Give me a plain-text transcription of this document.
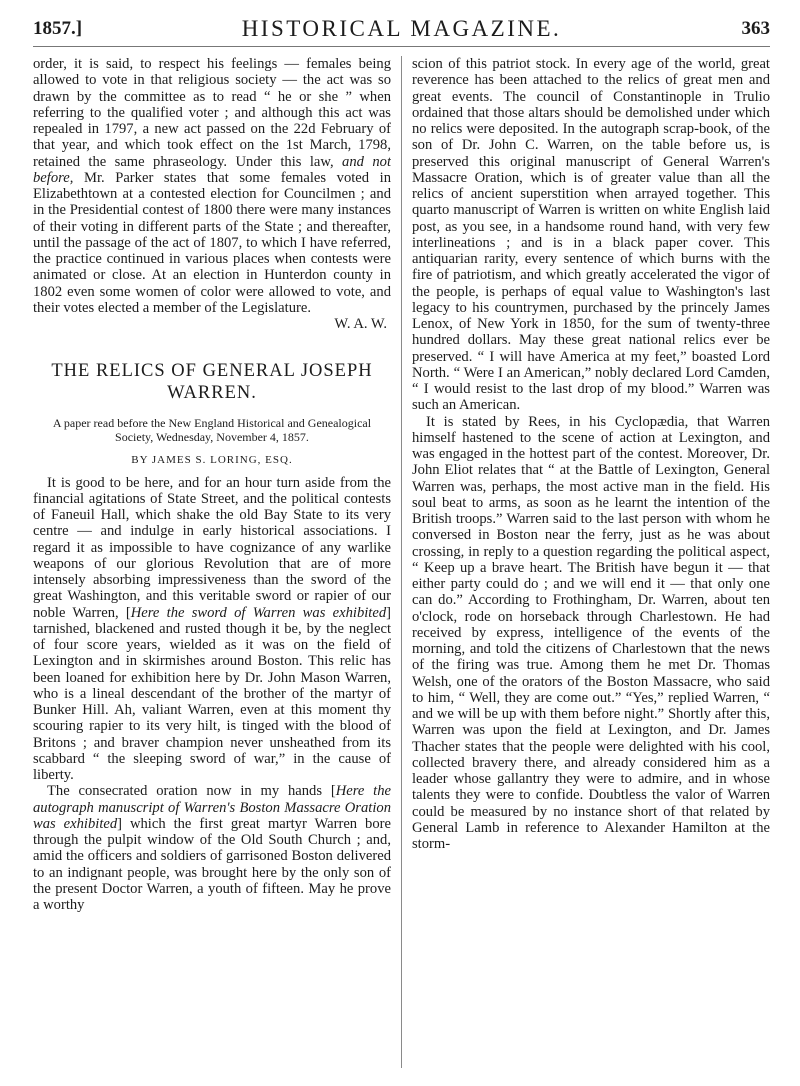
1857.]	HISTORICAL MAGAZINE.	363

order, it is said, to respect his feelings — females being allowed to vote in that religious society — the act was so drawn by the committee as to read “ he or she ” when referring to the qualified voter ; and although this act was repealed in 1797, a new act passed on the 22d February of that year, and which took effect on the 1st March, 1798, retained the same phraseology. Under this law, and not before, Mr. Parker states that some females voted in Elizabethtown at a contested election for Councilmen ; and in the Presidential contest of 1800 there were many instances of their voting in different parts of the State ; and thereafter, until the passage of the act of 1807, to which I have referred, the practice continued in various places when contests were animated or close. At an election in Hunterdon county in 1802 even some women of color were allowed to vote, and their votes elected a member of the Legislature.

W. A. W.

THE RELICS OF GENERAL JOSEPH WARREN.
A paper read before the New England Historical and Genealogical Society, Wednesday, November 4, 1857.
BY JAMES S. LORING, ESQ.

It is good to be here, and for an hour turn aside from the financial agitations of State Street, and the political contests of Faneuil Hall, which shake the old Bay State to its very centre — and indulge in early historical associations. I regard it as impossible to have cognizance of any warlike weapons of our glorious Revolution that are of more intensely absorbing impressiveness than the sword of the great Washington, and this veritable sword or rapier of our noble Warren, [Here the sword of Warren was exhibited] tarnished, blackened and rusted though it be, by the neglect of four score years, wielded as it was on the field of Lexington and in skirmishes around Boston. This relic has been loaned for exhibition here by Dr. John Mason Warren, who is a lineal descendant of the brother of the martyr of Bunker Hill. Ah, valiant Warren, even at this moment thy scouring rapier to its very hilt, is tinged with the blood of Britons ; and braver champion never unsheathed from its scabbard “ the sleeping sword of war,” in the cause of liberty.

The consecrated oration now in my hands [Here the autograph manuscript of Warren's Boston Massacre Oration was exhibited] which the first great martyr Warren bore through the pulpit window of the Old South Church ; and, amid the officers and soldiers of garrisoned Boston delivered to an indignant people, was brought here by the only son of the present Doctor Warren, a youth of fifteen. May he prove a worthy

scion of this patriot stock. In every age of the world, great reverence has been attached to the relics of great men and great events. The council of Constantinople in Trulio ordained that those altars should be demolished under which no relics were deposited. In the autograph scrap-book, of the son of Dr. John C. Warren, on the table before us, is preserved this original manuscript of General Warren's Massacre Oration, which is of greater value than all the relics of ancient superstition when arrayed together. This quarto manuscript of Warren is written on white English laid post, as you see, in a handsome round hand, with very few interlineations ; and is in a black paper cover. This antiquarian rarity, every sentence of which burns with the fire of patriotism, and which greatly accelerated the vigor of the people, is perhaps of equal value to Washington's last legacy to his countrymen, purchased by the princely James Lenox, of New York in 1850, for the sum of twenty-three hundred dollars. May these great national relics ever be preserved. “ I will have America at my feet,” boasted Lord North. “ Were I an American,” nobly declared Lord Camden, “ I would resist to the last drop of my blood.” Warren was such an American.

It is stated by Rees, in his Cyclopædia, that Warren himself hastened to the scene of action at Lexington, and was engaged in the hottest part of the contest. Moreover, Dr. John Eliot relates that “ at the Battle of Lexington, General Warren was, perhaps, the most active man in the field. His soul beat to arms, as soon as he learnt the intention of the British troops.” Warren said to the last person with whom he conversed in Boston near the ferry, just as he was about crossing, in reply to a question regarding the political aspect, “ Keep up a brave heart. The British have begun it — that either party could do ; and we will end it — that only one can do.” According to Frothingham, Dr. Warren, about ten o'clock, rode on horseback through Charlestown. He had received by express, intelligence of the events of the morning, and told the citizens of Charlestown that the news of the firing was true. Among them he met Dr. Thomas Welsh, one of the orators of the Boston Massacre, who said to him, “ Well, they are come out.” “Yes,” replied Warren, “ and we will be up with them before night.” Shortly after this, Warren was upon the field at Lexington, and Dr. James Thacher states that the people were delighted with his cool, collected bravery there, and already considered him as a leader whose gallantry they were to admire, and in whose talents they were to confide. Doubtless the valor of Warren could be measured by no instance short of that related by General Lamb in reference to Alexander Hamilton at the storm-
